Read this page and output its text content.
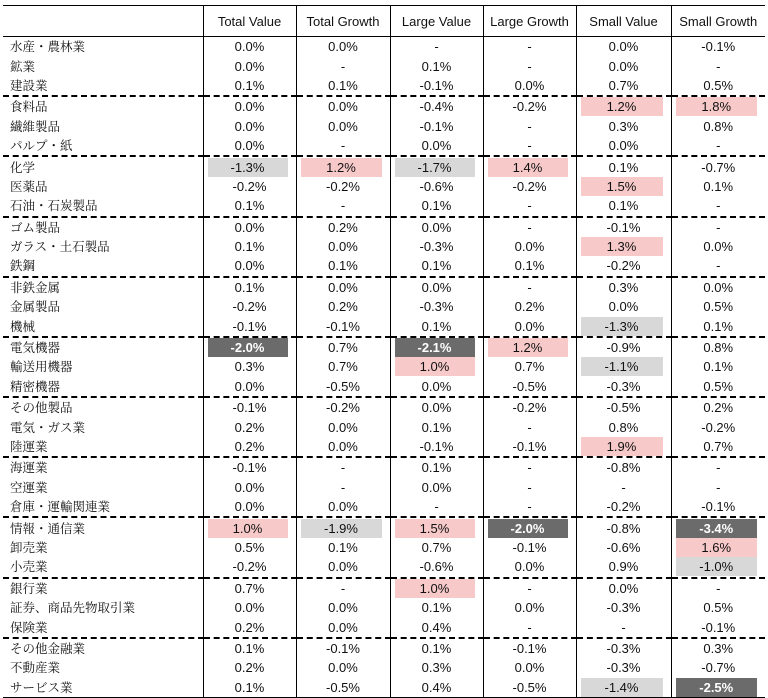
	Total Value	Total Growth	Large Value	Large Growth	Small Value	Small Growth
水産・農林業	0.0%	0.0%	-	-	0.0%	-0.1%
鉱業	0.0%	-	0.1%	-	0.0%	-
建設業	0.1%	0.1%	-0.1%	0.0%	0.7%	0.5%
食料品	0.0%	0.0%	-0.4%	-0.2%	1.2%	1.8%

繊維製品	0.0%	0.0%	-0.1%	-	0.3%	0.8%
パルプ・紙	0.0%	-	0.0%	-	0.0%	-
化学	-1.3%	1.2%	-1.7%	1.4%	0.1%	-0.7%
医薬品	-0.2%	-0.2%	-0.6%	-0.2%	1.5%	0.1%
石油・石炭製品	0.1%	-	0.1%	-	0.1%	-
ゴム製品	0.0%	0.2%	0.0%	-	-0.1%	-
ガラス・土石製品	0.1%	0.0%	-0.3%	0.0%	1.3%	0.0%
鉄鋼	0.0%	0.1%	0.1%	0.1%	-0.2%	-
非鉄金属	0.1%	0.0%	0.0%	-	0.3%	0.0%
金属製品	-0.2%	0.2%	-0.3%	0.2%	0.0%	0.5%
機械	-0.1%	-0.1%	0.1%	0.0%	-1.3%	0.1%
電気機器	-2.0%	0.7%	-2.1%	1.2%	-0.9%	0.8%
輸送用機器	0.3%	0.7%	1.0%	0.7%	-1.1%	0.1%
精密機器	0.0%	-0.5%	0.0%	-0.5%	-0.3%	0.5%
その他製品	-0.1%	-0.2%	0.0%	-0.2%	-0.5%	0.2%
電気・ガス業	0.2%	0.0%	0.1%	-	0.8%	-0.2%
陸運業	0.2%	0.0%	-0.1%	-0.1%	1.9%	0.7%
海運業	-0.1%	-	0.1%	-	-0.8%	-
空運業	0.0%	-	0.0%	-	-	-
倉庫・運輸関連業	0.0%	0.0%	-	-	-0.2%	-0.1%
情報・通信業	1.0%	-1.9%	1.5%	-2.0%	-0.8%	-3.4%

卸売業	0.5%	0.1%	0.7%	-0.1%	-0.6%	1.6%

小売業	-0.2%	0.0%	-0.6%	0.0%	0.9%	-1.0%

銀行業	0.7%	-	1.0%	-	0.0%	-
証券、商品先物取引業	0.0%	0.0%	0.1%	0.0%	-0.3%	0.5%
保険業	0.2%	0.0%	0.4%	-	-	-0.1%
その他金融業	0.1%	-0.1%	0.1%	-0.1%	-0.3%	0.3%
不動産業	0.2%	0.0%	0.3%	0.0%	-0.3%	-0.7%
サービス業	0.1%	-0.5%	0.4%	-0.5%	-1.4%	-2.5%
